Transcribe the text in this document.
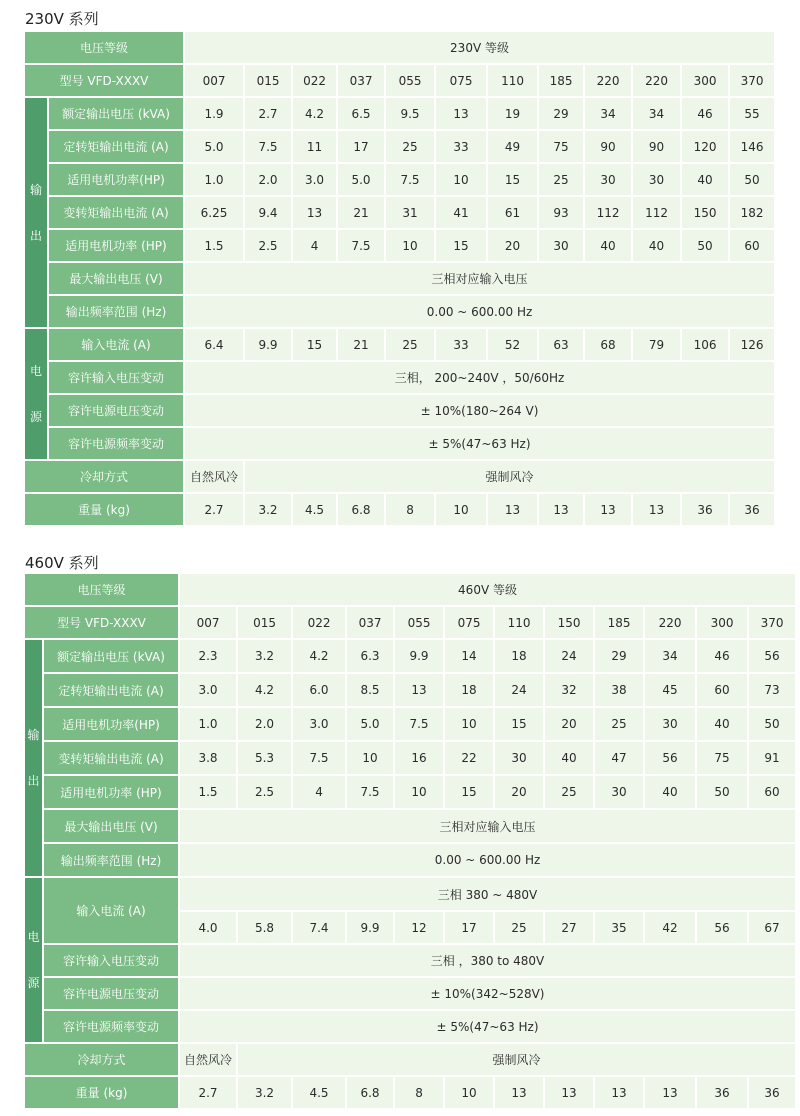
230V 系列
电压等级		230V 等级											
型号 VFD-XXXV		007	015	022	037	055	075	110	185	220	220	300	370

输
出	额定输出电压 (kVA)	1.9	2.7	4.2	6.5	9.5	13	19	29	34	34	46	55
	定转矩输出电流 (A)	5.0	7.5	11	17	25	33	49	75	90	90	120	146
	适用电机功率(HP)	1.0	2.0	3.0	5.0	7.5	10	15	25	30	30	40	50
	变转矩输出电流 (A)	6.25	9.4	13	21	31	41	61	93	112	112	150	182
	适用电机功率 (HP)	1.5	2.5	4	7.5	10	15	20	30	40	40	50	60
	最大输出电压 (V)	三相对应输入电压											
	输出频率范围 (Hz)	0.00 ~ 600.00 Hz											

电
源	输入电流 (A)	6.4	9.9	15	21	25	33	52	63	68	79	106	126
	容许输入电压变动	三相， 200~240V ，50/60Hz											
	容许电源电压变动	± 10%(180~264 V)											
	容许电源频率变动	± 5%(47~63 Hz)											
冷却方式		自然风冷	强制风冷										
重量 (kg)		2.7	3.2	4.5	6.8	8	10	13	13	13	13	36	36
460V 系列
电压等级		460V 等级											
型号 VFD-XXXV		007	015	022	037	055	075	110	150	185	220	300	370

输
出	额定输出电压 (kVA)	2.3	3.2	4.2	6.3	9.9	14	18	24	29	34	46	56
	定转矩输出电流 (A)	3.0	4.2	6.0	8.5	13	18	24	32	38	45	60	73
	适用电机功率(HP)	1.0	2.0	3.0	5.0	7.5	10	15	20	25	30	40	50
	变转矩输出电流 (A)	3.8	5.3	7.5	10	16	22	30	40	47	56	75	91
	适用电机功率 (HP)	1.5	2.5	4	7.5	10	15	20	25	30	40	50	60
	最大输出电压 (V)	三相对应输入电压											
	输出频率范围 (Hz)	0.00 ~ 600.00 Hz											

电
源	输入电流 (A)	三相 380 ~ 480V											
		4.0	5.8	7.4	9.9	12	17	25	27	35	42	56	67
	容许输入电压变动	三相 ，380 to 480V											
	容许电源电压变动	± 10%(342~528V)											
	容许电源频率变动	± 5%(47~63 Hz)											
冷却方式		自然风冷	强制风冷										
重量 (kg)		2.7	3.2	4.5	6.8	8	10	13	13	13	13	36	36
